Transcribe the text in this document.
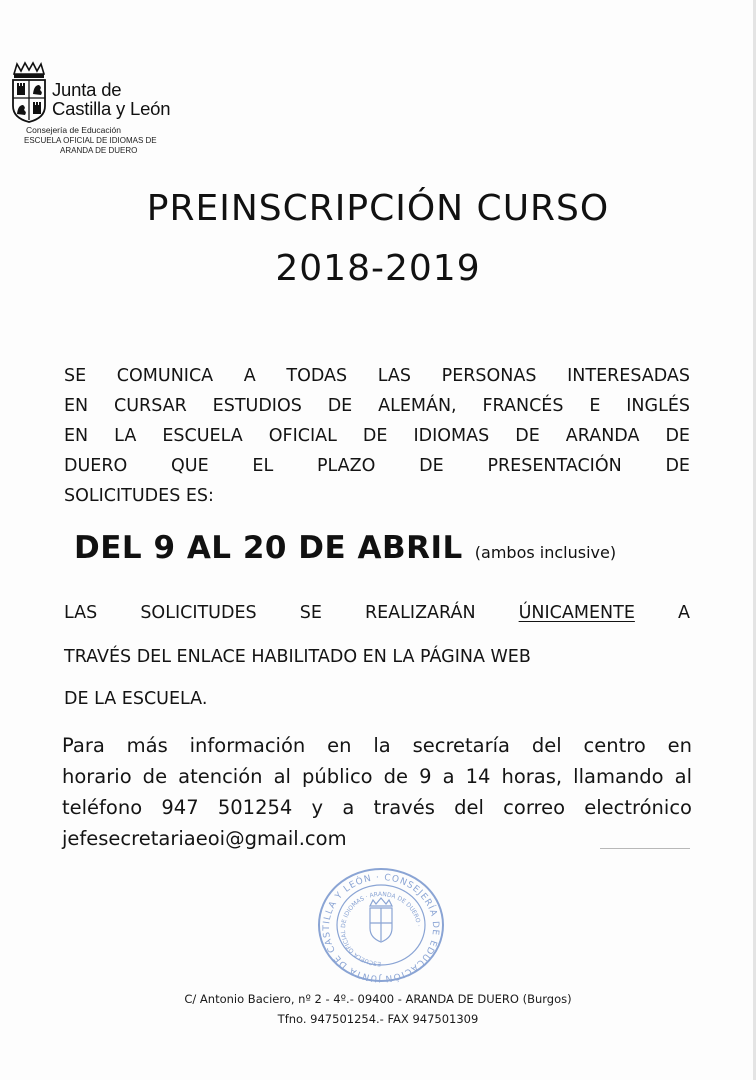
Junta de
Castilla y León
Consejería de Educación
ESCUELA OFICIAL DE IDIOMAS DE
ARANDA DE DUERO
PREINSCRIPCIÓN CURSO
2018-2019
SE COMUNICA A TODAS LAS PERSONAS INTERESADAS
EN CURSAR ESTUDIOS DE ALEMÁN, FRANCÉS E INGLÉS
EN LA ESCUELA OFICIAL DE IDIOMAS DE ARANDA DE
DUERO QUE EL PLAZO DE PRESENTACIÓN DE
SOLICITUDES ES:
DEL 9 AL 20 DE ABRIL (ambos inclusive)
LAS SOLICITUDES SE REALIZARÁN ÚNICAMENTE A
TRAVÉS DEL ENLACE HABILITADO EN LA PÁGINA WEB
DE LA ESCUELA.
Para más información en la secretaría del centro en
horario de atención al público de 9 a 14 horas, llamando al
teléfono 947 501254 y a través del correo electrónico
jefesecretariaeoi@gmail.com
JUNTA DE CASTILLA Y LEÓN · CONSEJERÍA DE EDUCACIÓN
ESCUELA OFICIAL DE IDIOMAS · ARANDA DE DUERO ·
C/ Antonio Baciero, nº 2 - 4º.- 09400 - ARANDA DE DUERO (Burgos)
Tfno. 947501254.- FAX 947501309
